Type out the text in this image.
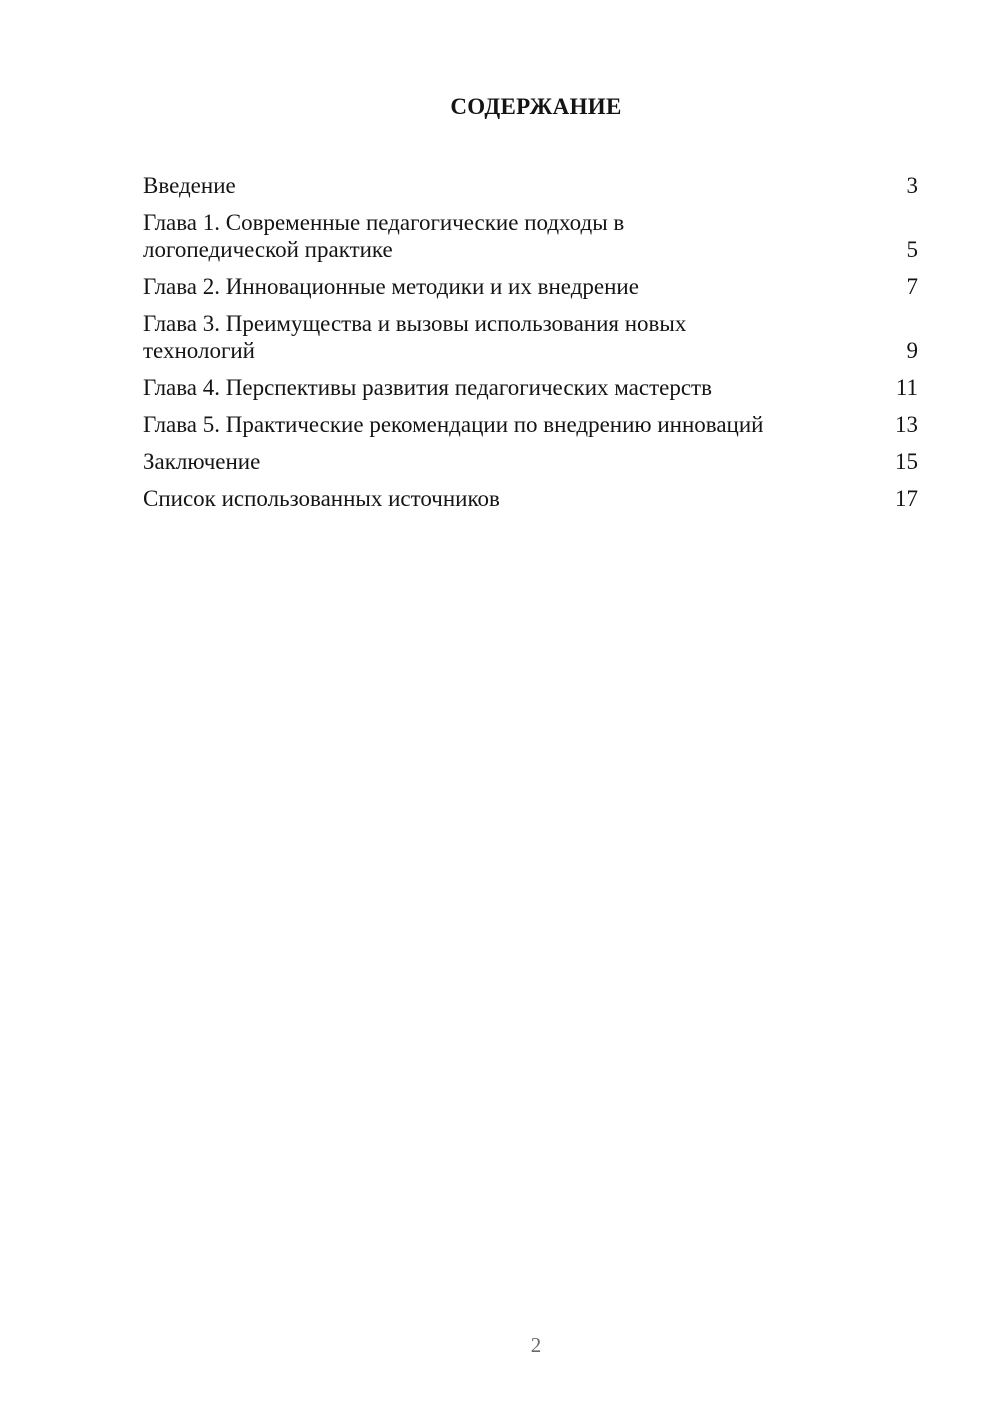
СОДЕРЖАНИЕ
Введение	3
Глава 1. Современные педагогические подходы в
логопедической практике	5
Глава 2. Инновационные методики и их внедрение	7
Глава 3. Преимущества и вызовы использования новых
технологий	9
Глава 4. Перспективы развития педагогических мастерств	11
Глава 5. Практические рекомендации по внедрению инноваций	13
Заключение	15
Список использованных источников	17
2
